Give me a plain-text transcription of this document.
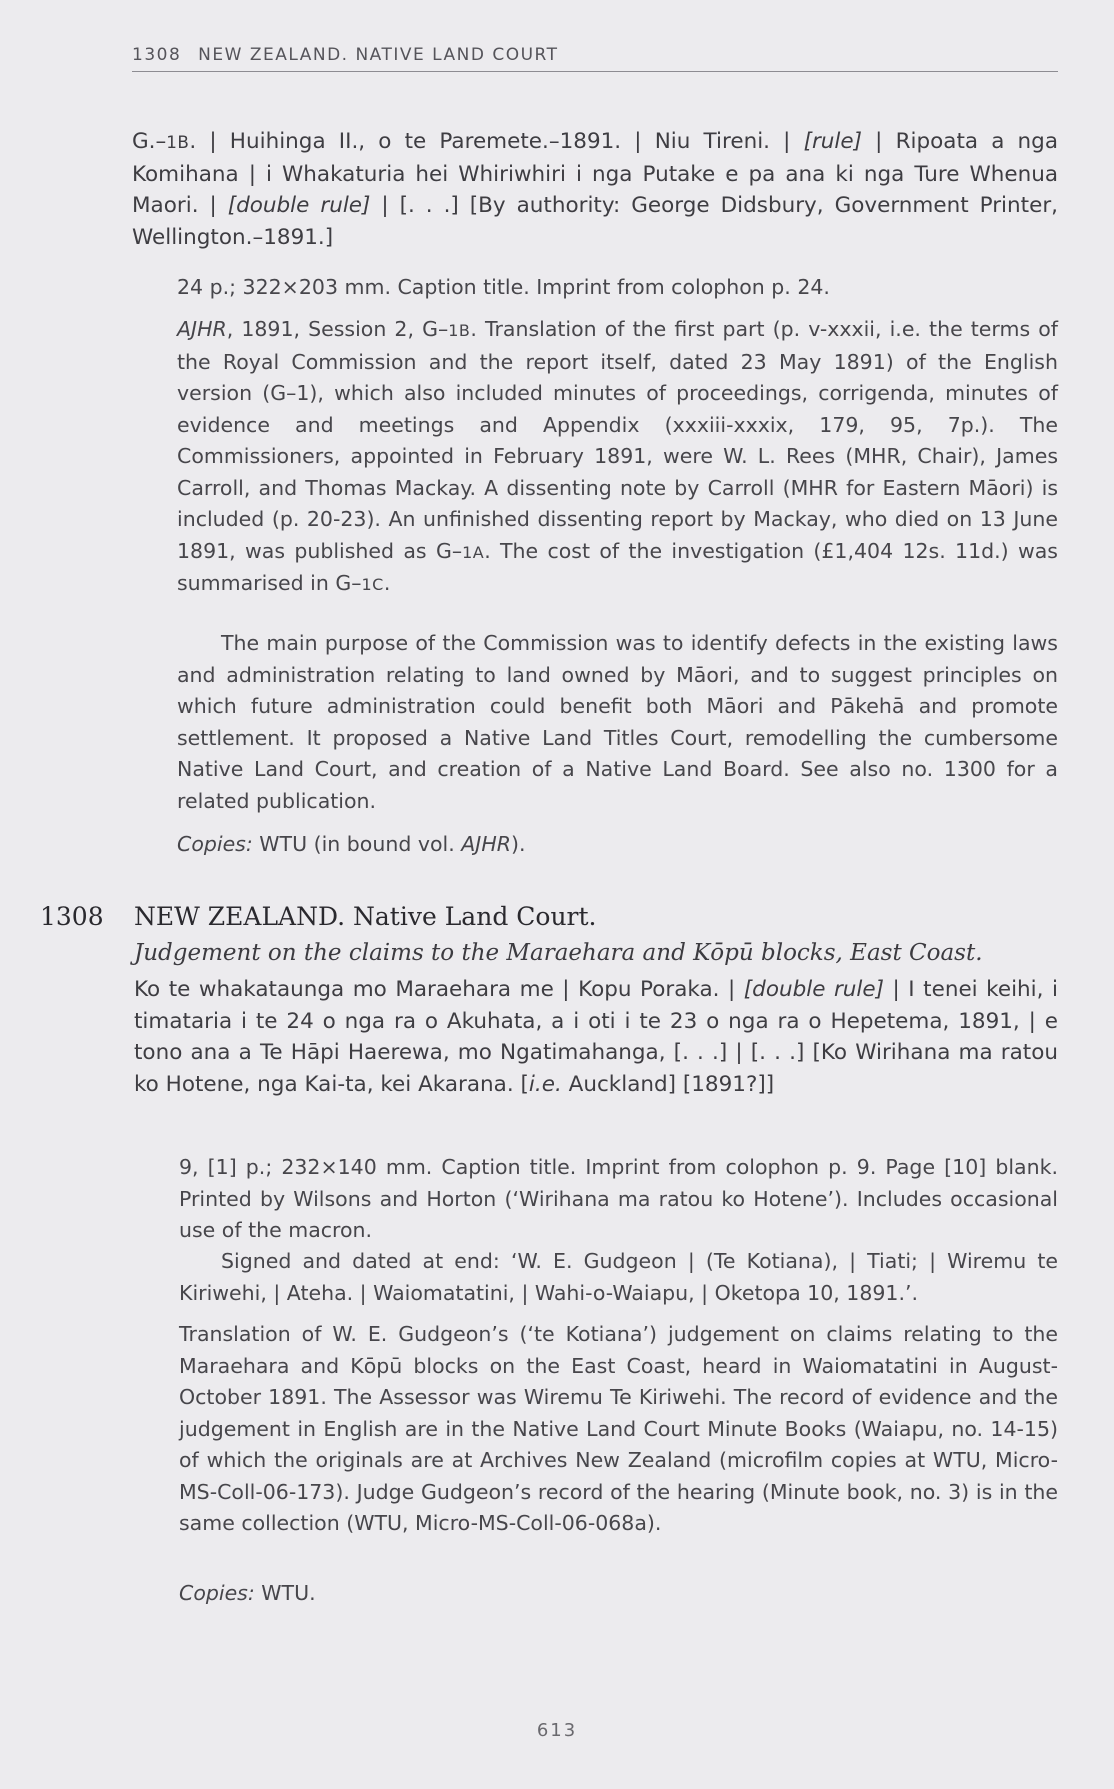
1308 NEW ZEALAND. NATIVE LAND COURT
G.–1B. | Huihinga II., o te Paremete.–1891. | Niu Tireni. | [rule] | Ripoata a nga Komihana | i Whakaturia hei Whiriwhiri i nga Putake e pa ana ki nga Ture Whenua Maori. | [double rule] | [. . .] [By authority: George Didsbury, Government Printer, Wellington.–1891.]
24 p.; 322×203 mm. Caption title. Imprint from colophon p. 24.
AJHR, 1891, Session 2, G–1B. Translation of the first part (p. v-xxxii, i.e. the terms of the Royal Commission and the report itself, dated 23 May 1891) of the English version (G–1), which also included minutes of proceedings, corrigenda, minutes of evidence and meetings and Appendix (xxxiii-xxxix, 179, 95, 7p.). The Commissioners, appointed in February 1891, were W. L. Rees (MHR, Chair), James Carroll, and Thomas Mackay. A dissenting note by Carroll (MHR for Eastern Māori) is included (p. 20-23). An unfinished dissenting report by Mackay, who died on 13 June 1891, was published as G–1A. The cost of the investigation (£1,404 12s. 11d.) was summarised in G–1C.
The main purpose of the Commission was to identify defects in the existing laws and administration relating to land owned by Māori, and to suggest principles on which future administration could benefit both Māori and Pākehā and promote settlement. It proposed a Native Land Titles Court, remodelling the cumbersome Native Land Court, and creation of a Native Land Board. See also no. 1300 for a related publication.
Copies: WTU (in bound vol. AJHR).
1308 NEW ZEALAND. Native Land Court.
Judgement on the claims to the Maraehara and Kōpū blocks, East Coast.
Ko te whakataunga mo Maraehara me | Kopu Poraka. | [double rule] | I tenei keihi, i timataria i te 24 o nga ra o Akuhata, a i oti i te 23 o nga ra o Hepetema, 1891, | e tono ana a Te Hāpi Haerewa, mo Ngatimahanga, [. . .] | [. . .] [Ko Wirihana ma ratou ko Hotene, nga Kai-ta, kei Akarana. [i.e. Auckland] [1891?]]
9, [1] p.; 232×140 mm. Caption title. Imprint from colophon p. 9. Page [10] blank. Printed by Wilsons and Horton (‘Wirihana ma ratou ko Hotene’). Includes occasional use of the macron.
Signed and dated at end: ‘W. E. Gudgeon | (Te Kotiana), | Tiati; | Wiremu te Kiriwehi, | Ateha. | Waiomatatini, | Wahi-o-Waiapu, | Oketopa 10, 1891.’.
Translation of W. E. Gudgeon’s (‘te Kotiana’) judgement on claims relating to the Maraehara and Kōpū blocks on the East Coast, heard in Waiomatatini in August-October 1891. The Assessor was Wiremu Te Kiriwehi. The record of evidence and the judgement in English are in the Native Land Court Minute Books (Waiapu, no. 14-15) of which the originals are at Archives New Zealand (microfilm copies at WTU, Micro-MS-Coll-06-173). Judge Gudgeon’s record of the hearing (Minute book, no. 3) is in the same collection (WTU, Micro-MS-Coll-06-068a).
Copies: WTU.
613
